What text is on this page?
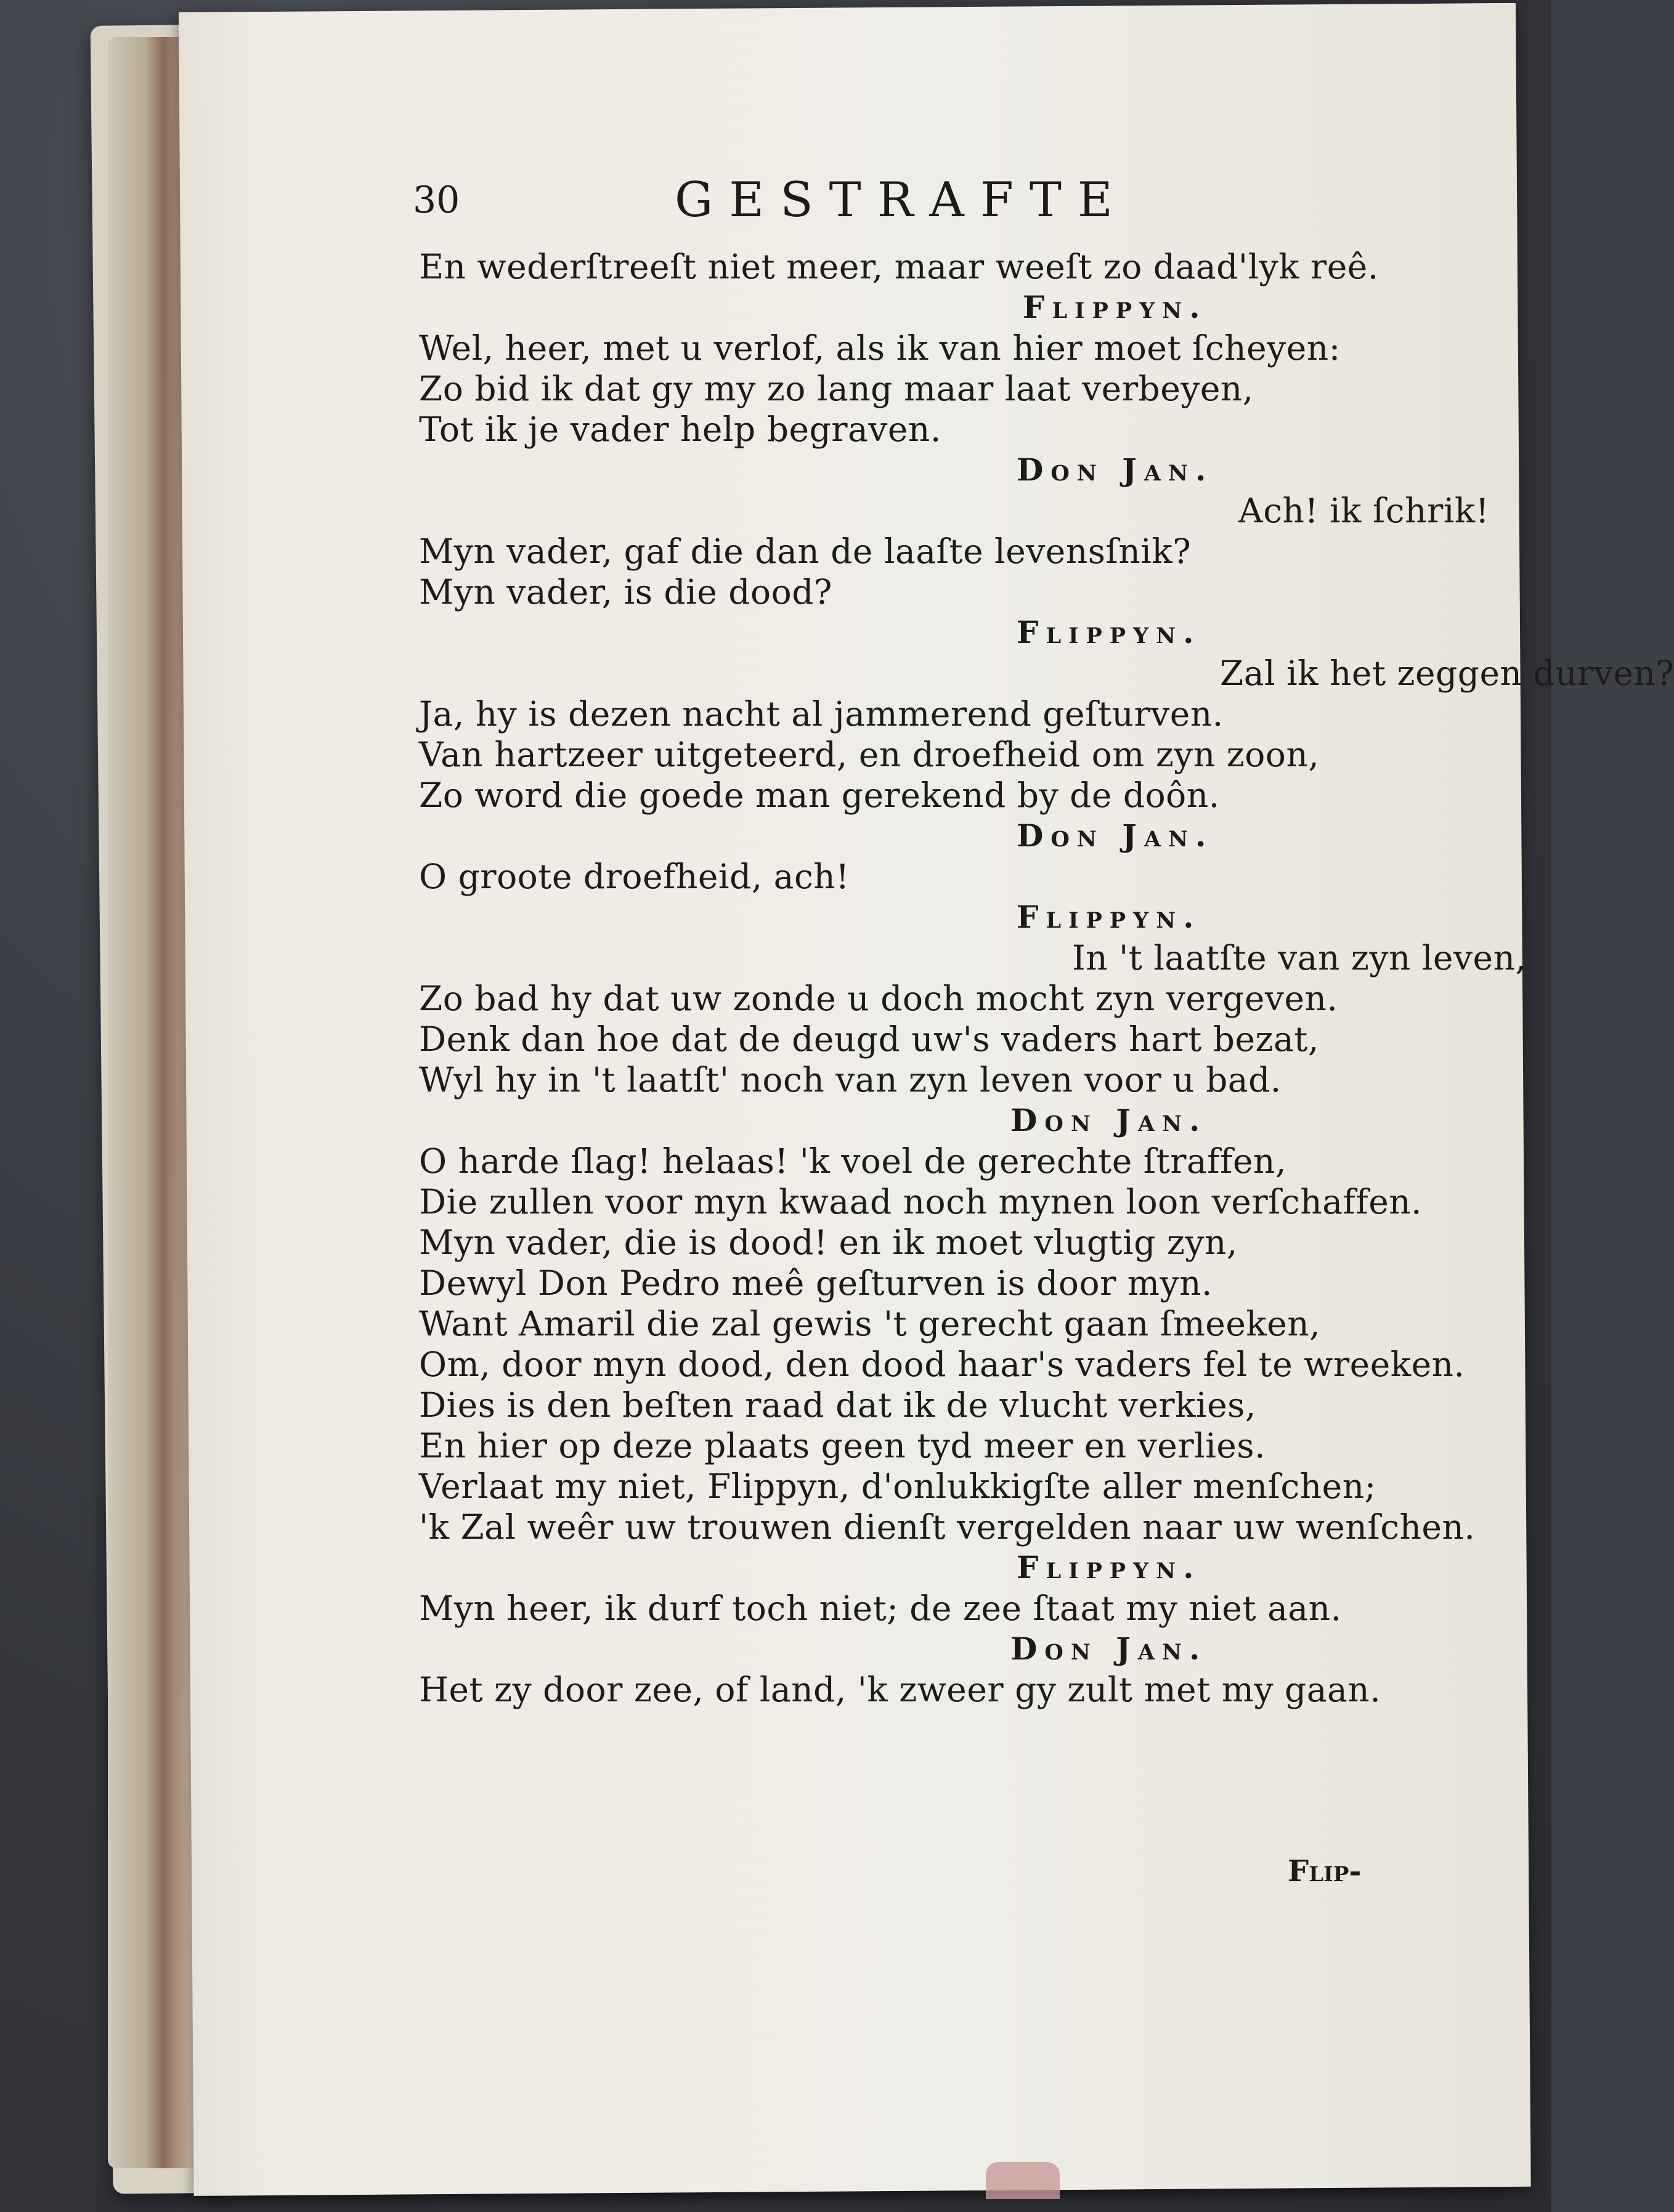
30	GESTRAFTE
En wederſtreeſt niet meer, maar weeſt zo daad'lyk reê.
Flippyn.
Wel, heer, met u verlof, als ik van hier moet ſcheyen:
Zo bid ik dat gy my zo lang maar laat verbeyen,
Tot ik je vader help begraven.
Don Jan.
Ach! ik ſchrik!
Myn vader, gaf die dan de laaſte levensſnik?
Myn vader, is die dood?
Flippyn.
Zal ik het zeggen durven?
Ja, hy is dezen nacht al jammerend geſturven.
Van hartzeer uitgeteerd, en droefheid om zyn zoon,
Zo word die goede man gerekend by de doôn.
Don Jan.
O groote droefheid, ach!
Flippyn.
In 't laatſte van zyn leven,
Zo bad hy dat uw zonde u doch mocht zyn vergeven.
Denk dan hoe dat de deugd uw's vaders hart bezat,
Wyl hy in 't laatſt' noch van zyn leven voor u bad.
Don Jan.
O harde ſlag! helaas! 'k voel de gerechte ſtraffen,
Die zullen voor myn kwaad noch mynen loon verſchaffen.
Myn vader, die is dood! en ik moet vlugtig zyn,
Dewyl Don Pedro meê geſturven is door myn.
Want Amaril die zal gewis 't gerecht gaan ſmeeken,
Om, door myn dood, den dood haar's vaders fel te wreeken.
Dies is den beſten raad dat ik de vlucht verkies,
En hier op deze plaats geen tyd meer en verlies.
Verlaat my niet, Flippyn, d'onlukkigſte aller menſchen;
'k Zal weêr uw trouwen dienſt vergelden naar uw wenſchen.
Flippyn.
Myn heer, ik durf toch niet; de zee ſtaat my niet aan.
Don Jan.
Het zy door zee, of land, 'k zweer gy zult met my gaan.
Flip-
